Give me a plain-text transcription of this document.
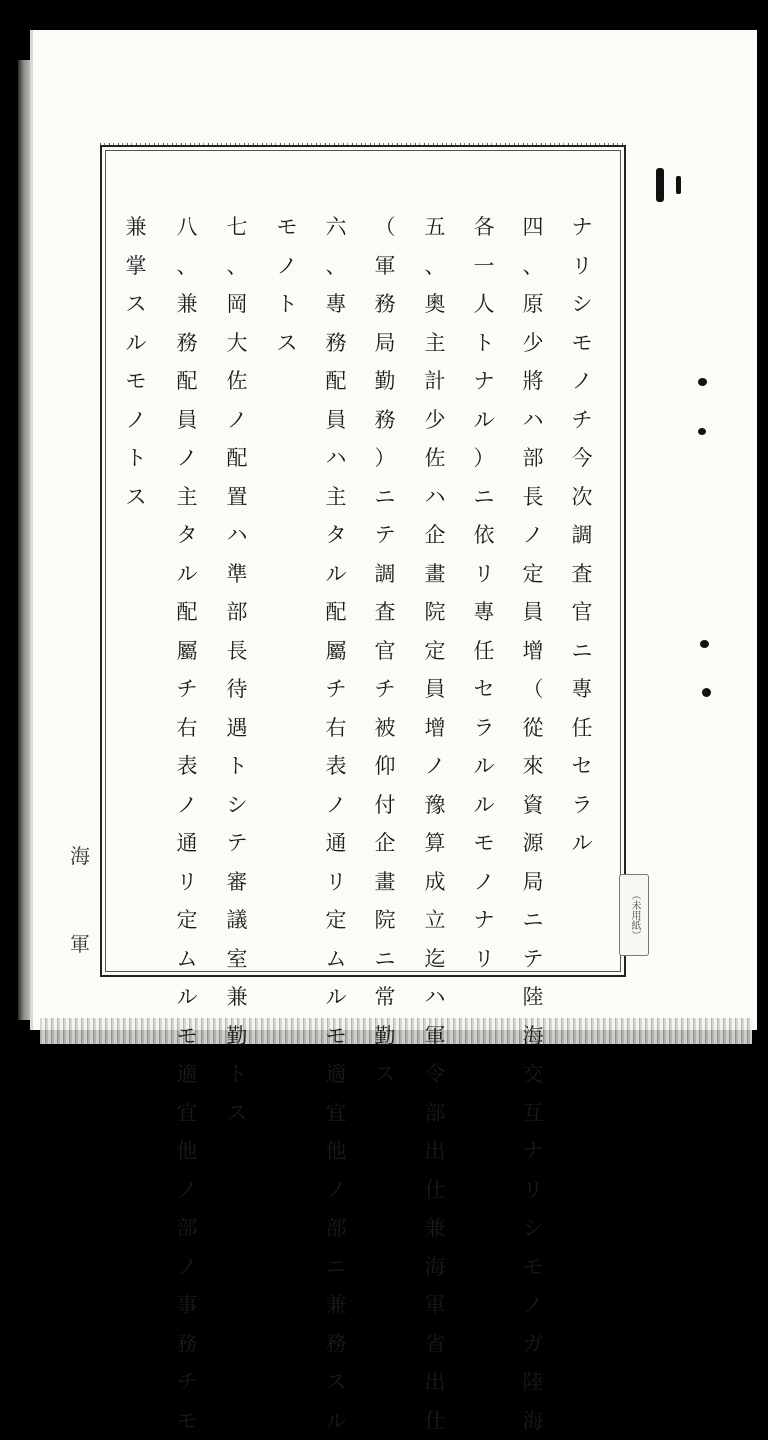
ナ
リ
シ
モ
ノ
チ
今
次
調
査
官
ニ
專
任
セ
ラ
ル
四
、
原
少
將
ハ
部
長
ノ
定
員
增
（
從
來
資
源
局
ニ
テ
陸
海
交
互
ナ
リ
シ
モ
ノ
ガ
陸
海
各
一
人
ト
ナ
ル
）
ニ
依
リ
專
任
セ
ラ
ル
ル
モ
ノ
ナ
リ
五
、
奧
主
計
少
佐
ハ
企
畫
院
定
員
增
ノ
豫
算
成
立
迄
ハ
軍
令
部
出
仕
兼
海
軍
省
出
仕
（
軍
務
局
勤
務
）
ニ
テ
調
査
官
チ
被
仰
付
企
畫
院
ニ
常
勤
ス
六
、
專
務
配
員
ハ
主
タ
ル
配
屬
チ
右
表
ノ
通
リ
定
ム
ル
モ
適
宜
他
ノ
部
ニ
兼
務
ス
ル
モ
ノ
ト
ス
七
、
岡
大
佐
ノ
配
置
ハ
準
部
長
待
遇
ト
シ
テ
審
議
室
兼
勤
ト
ス
八
、
兼
務
配
員
ノ
主
タ
ル
配
屬
チ
右
表
ノ
通
リ
定
ム
ル
モ
適
宜
他
ノ
部
ノ
事
務
チ
モ
兼
掌
ス
ル
モ
ノ
ト
ス
海
軍
（未用紙）
